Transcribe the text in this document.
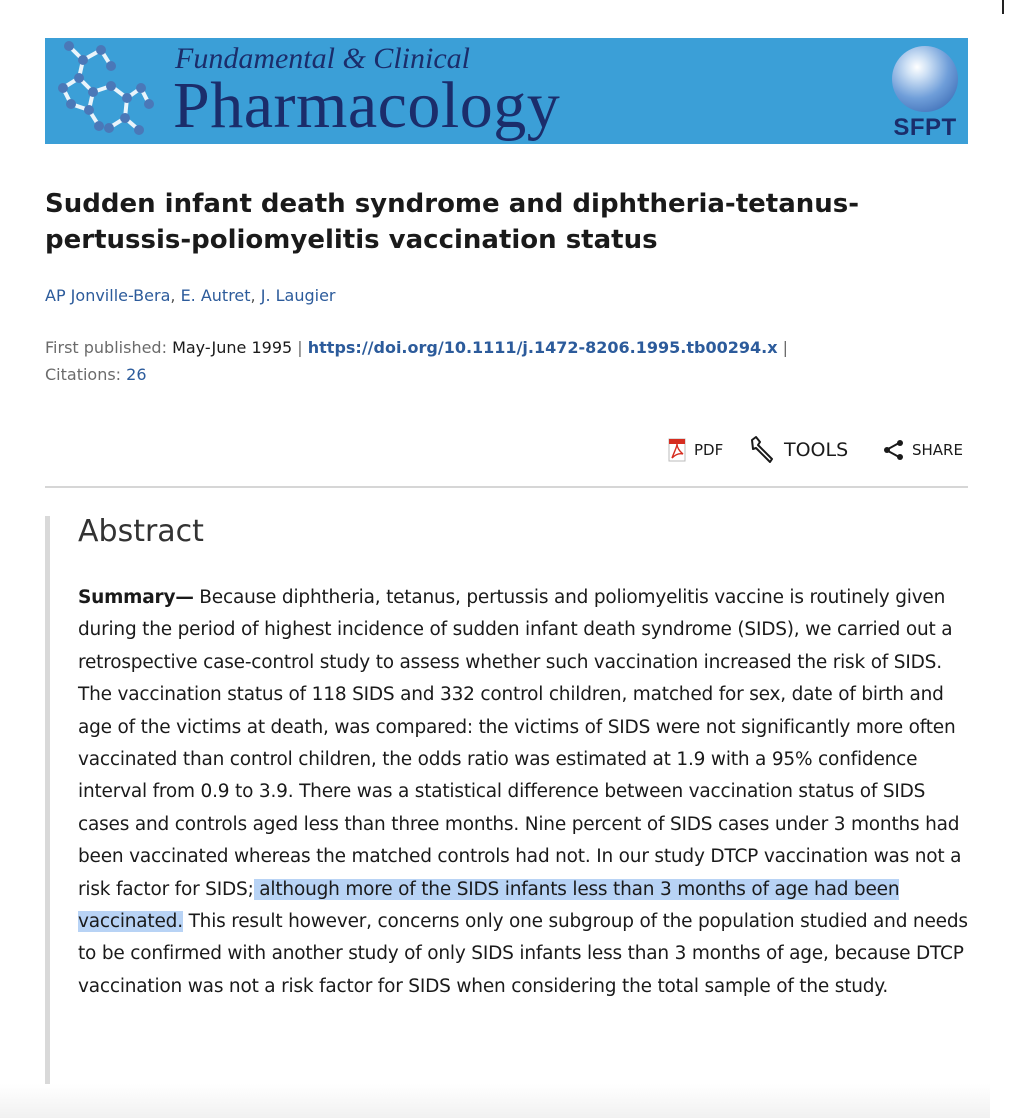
Fundamental & Clinical
Pharmacology	SFPT
Sudden infant death syndrome and diphtheria-tetanus-pertussis-poliomyelitis vaccination status
AP Jonville-Bera, E. Autret, J. Laugier
First published: May-June 1995 | https://doi.org/10.1111/j.1472-8206.1995.tb00294.x |
Citations: 26
PDF	TOOLS	SHARE
Abstract
Summary— Because diphtheria, tetanus, pertussis and poliomyelitis vaccine is routinely given during the period of highest incidence of sudden infant death syndrome (SIDS), we carried out a retrospective case-control study to assess whether such vaccination increased the risk of SIDS. The vaccination status of 118 SIDS and 332 control children, matched for sex, date of birth and age of the victims at death, was compared: the victims of SIDS were not significantly more often vaccinated than control children, the odds ratio was estimated at 1.9 with a 95% confidence interval from 0.9 to 3.9. There was a statistical difference between vaccination status of SIDS cases and controls aged less than three months. Nine percent of SIDS cases under 3 months had been vaccinated whereas the matched controls had not. In our study DTCP vaccination was not a risk factor for SIDS; although more of the SIDS infants less than 3 months of age had been vaccinated. This result however, concerns only one subgroup of the population studied and needs to be confirmed with another study of only SIDS infants less than 3 months of age, because DTCP vaccination was not a risk factor for SIDS when considering the total sample of the study.
